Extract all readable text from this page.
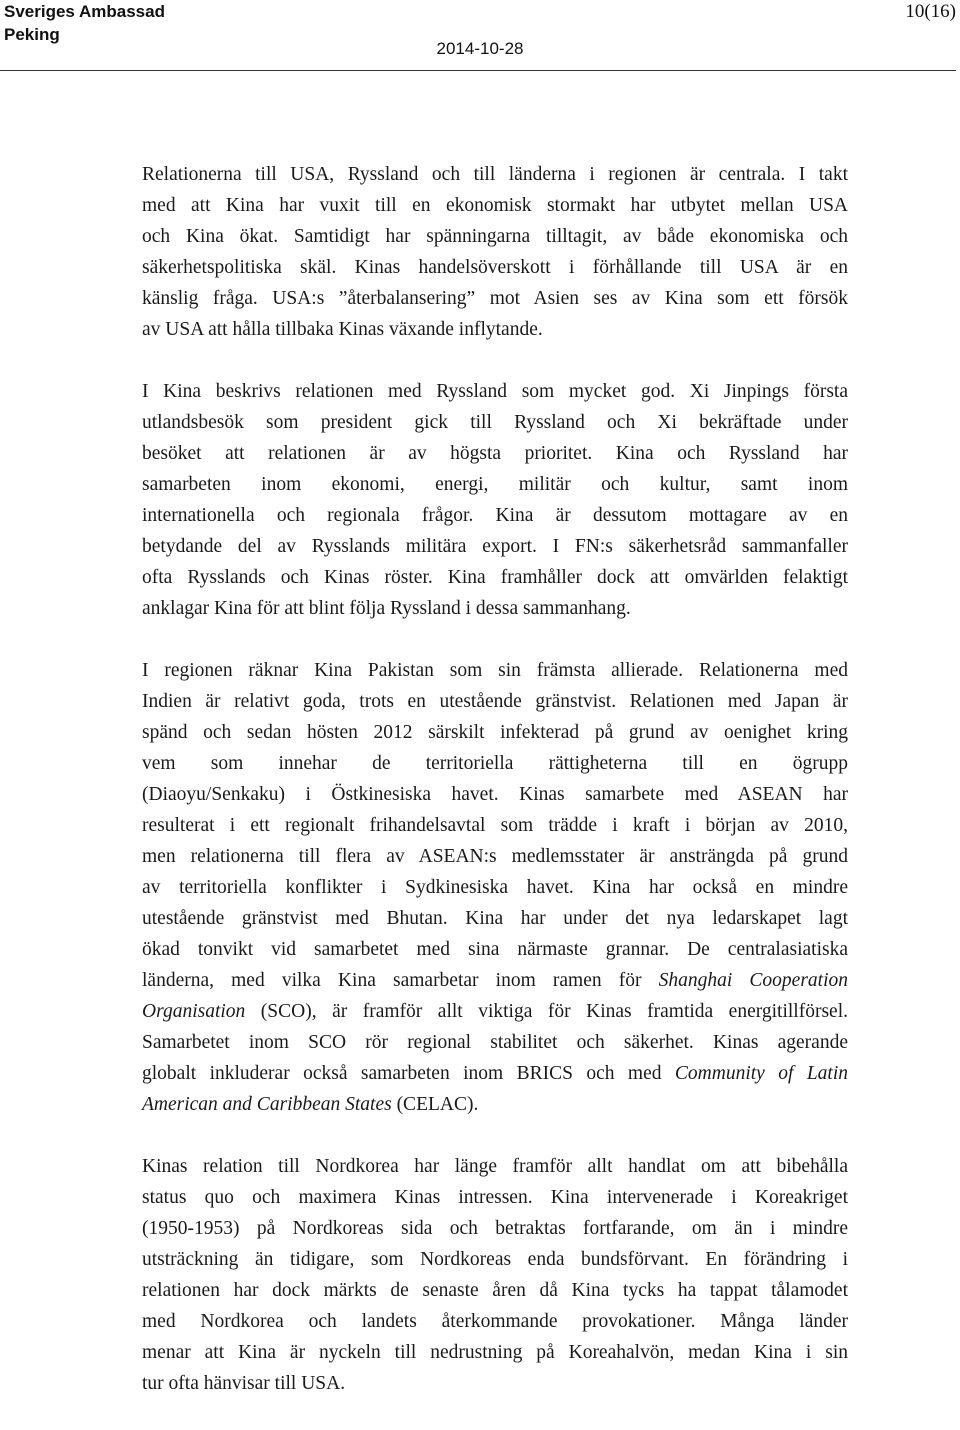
Sveriges Ambassad
Peking
10(16)
2014-10-28
Relationerna till USA, Ryssland och till länderna i regionen är centrala. I takt
med att Kina har vuxit till en ekonomisk stormakt har utbytet mellan USA
och Kina ökat. Samtidigt har spänningarna tilltagit, av både ekonomiska och
säkerhetspolitiska skäl. Kinas handelsöverskott i förhållande till USA är en
känslig fråga. USA:s ”återbalansering” mot Asien ses av Kina som ett försök
av USA att hålla tillbaka Kinas växande inflytande.
I Kina beskrivs relationen med Ryssland som mycket god. Xi Jinpings första
utlandsbesök som president gick till Ryssland och Xi bekräftade under
besöket att relationen är av högsta prioritet. Kina och Ryssland har
samarbeten inom ekonomi, energi, militär och kultur, samt inom
internationella och regionala frågor. Kina är dessutom mottagare av en
betydande del av Rysslands militära export. I FN:s säkerhetsråd sammanfaller
ofta Rysslands och Kinas röster. Kina framhåller dock att omvärlden felaktigt
anklagar Kina för att blint följa Ryssland i dessa sammanhang.
I regionen räknar Kina Pakistan som sin främsta allierade. Relationerna med
Indien är relativt goda, trots en utestående gränstvist. Relationen med Japan är
spänd och sedan hösten 2012 särskilt infekterad på grund av oenighet kring
vem som innehar de territoriella rättigheterna till en ögrupp
(Diaoyu/Senkaku) i Östkinesiska havet. Kinas samarbete med ASEAN har
resulterat i ett regionalt frihandelsavtal som trädde i kraft i början av 2010,
men relationerna till flera av ASEAN:s medlemsstater är ansträngda på grund
av territoriella konflikter i Sydkinesiska havet. Kina har också en mindre
utestående gränstvist med Bhutan. Kina har under det nya ledarskapet lagt
ökad tonvikt vid samarbetet med sina närmaste grannar. De centralasiatiska
länderna, med vilka Kina samarbetar inom ramen för Shanghai Cooperation
Organisation (SCO), är framför allt viktiga för Kinas framtida energitillförsel.
Samarbetet inom SCO rör regional stabilitet och säkerhet. Kinas agerande
globalt inkluderar också samarbeten inom BRICS och med Community of Latin
American and Caribbean States (CELAC).
Kinas relation till Nordkorea har länge framför allt handlat om att bibehålla
status quo och maximera Kinas intressen. Kina intervenerade i Koreakriget
(1950-1953) på Nordkoreas sida och betraktas fortfarande, om än i mindre
utsträckning än tidigare, som Nordkoreas enda bundsförvant. En förändring i
relationen har dock märkts de senaste åren då Kina tycks ha tappat tålamodet
med Nordkorea och landets återkommande provokationer. Många länder
menar att Kina är nyckeln till nedrustning på Koreahalvön, medan Kina i sin
tur ofta hänvisar till USA.
